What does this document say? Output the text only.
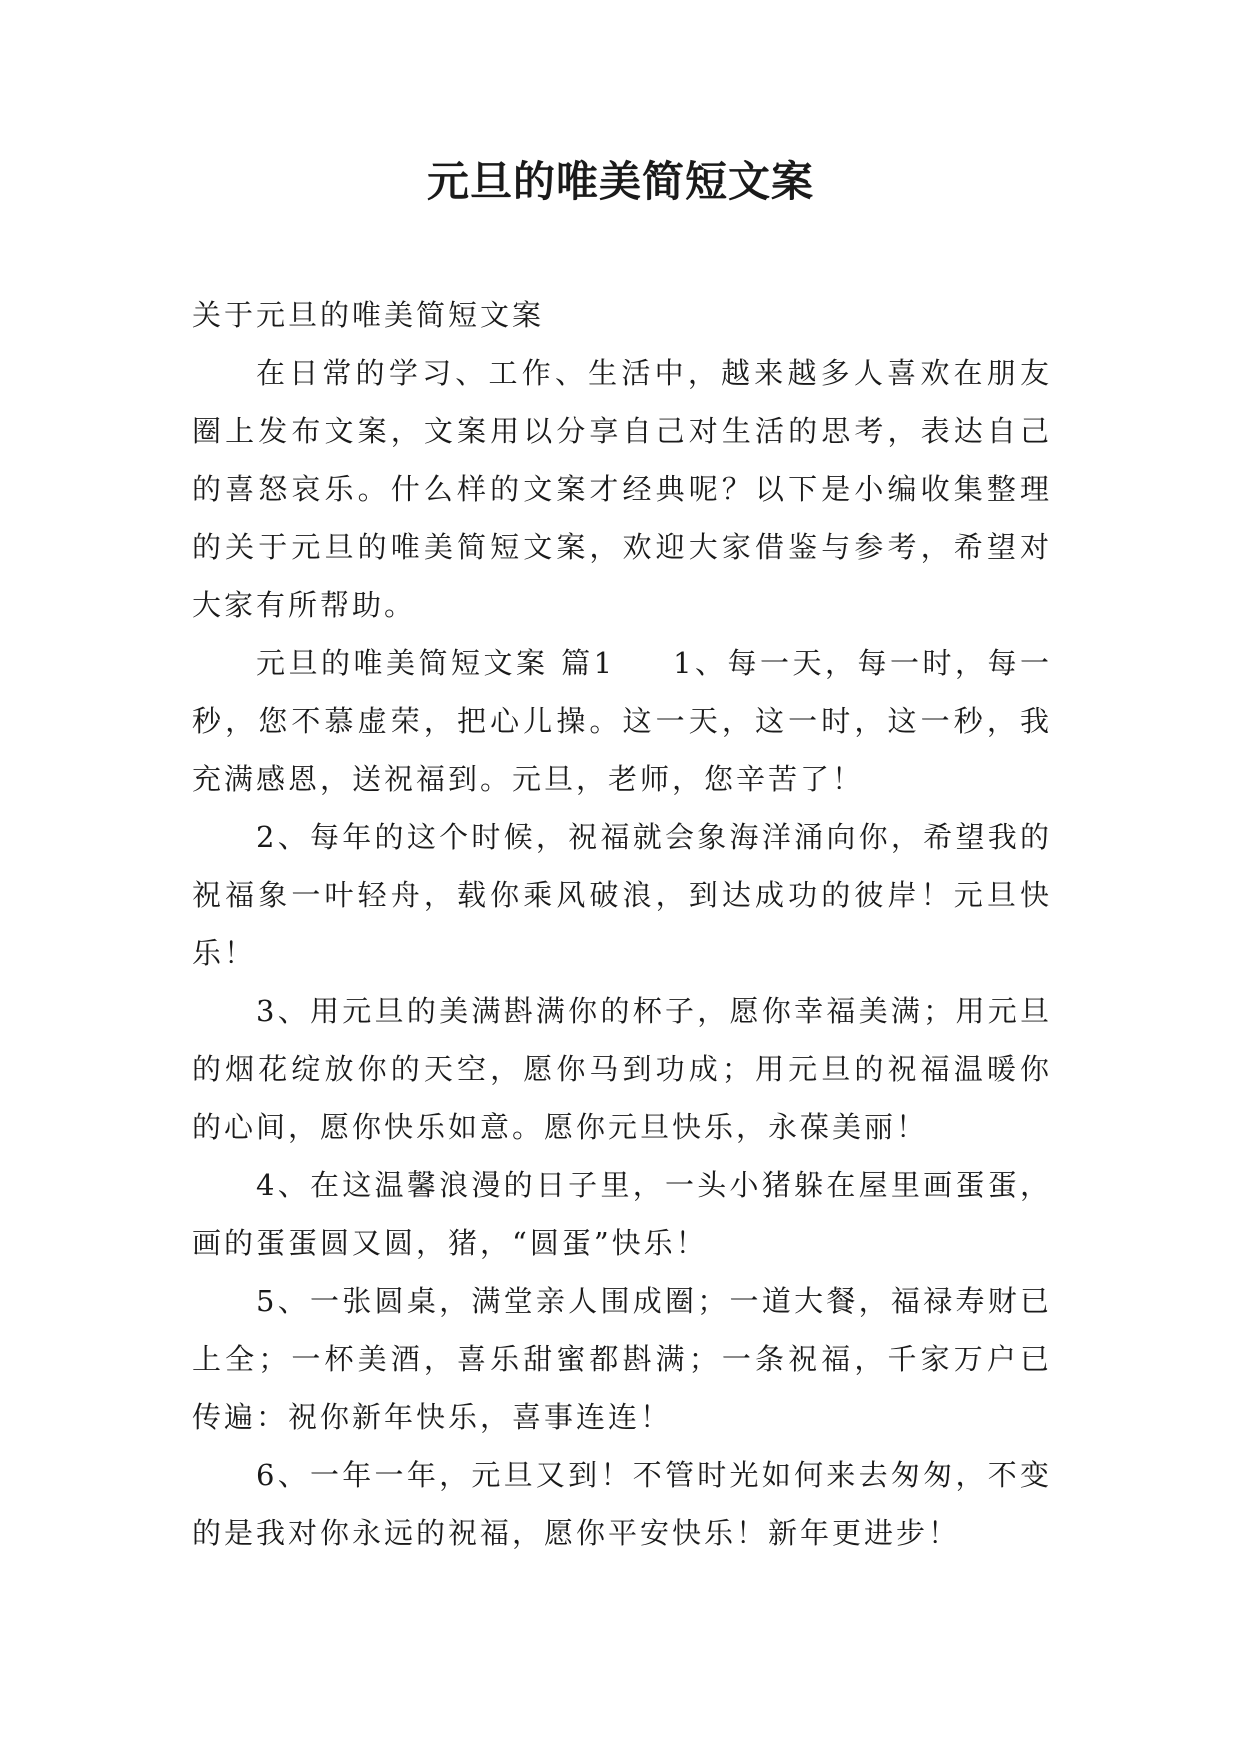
元旦的唯美简短文案

关于元旦的唯美简短文案

在日常的学习、工作、生活中，越来越多人喜欢在朋友圈上发布文案，文案用以分享自己对生活的思考，表达自己的喜怒哀乐。什么样的文案才经典呢？以下是小编收集整理的关于元旦的唯美简短文案，欢迎大家借鉴与参考，希望对大家有所帮助。

元旦的唯美简短文案 篇1 1、每一天，每一时，每一秒，您不慕虚荣，把心儿操。这一天，这一时，这一秒，我充满感恩，送祝福到。元旦，老师，您辛苦了！

2、每年的这个时候，祝福就会象海洋涌向你，希望我的祝福象一叶轻舟，载你乘风破浪，到达成功的彼岸！元旦快乐！

3、用元旦的美满斟满你的杯子，愿你幸福美满；用元旦的烟花绽放你的天空，愿你马到功成；用元旦的祝福温暖你的心间，愿你快乐如意。愿你元旦快乐，永葆美丽！

4、在这温馨浪漫的日子里，一头小猪躲在屋里画蛋蛋，画的蛋蛋圆又圆，猪，“圆蛋”快乐！

5、一张圆桌，满堂亲人围成圈；一道大餐，福禄寿财已上全；一杯美酒，喜乐甜蜜都斟满；一条祝福，千家万户已传遍：祝你新年快乐，喜事连连！

6、一年一年，元旦又到！不管时光如何来去匆匆，不变的是我对你永远的祝福，愿你平安快乐！新年更进步！
